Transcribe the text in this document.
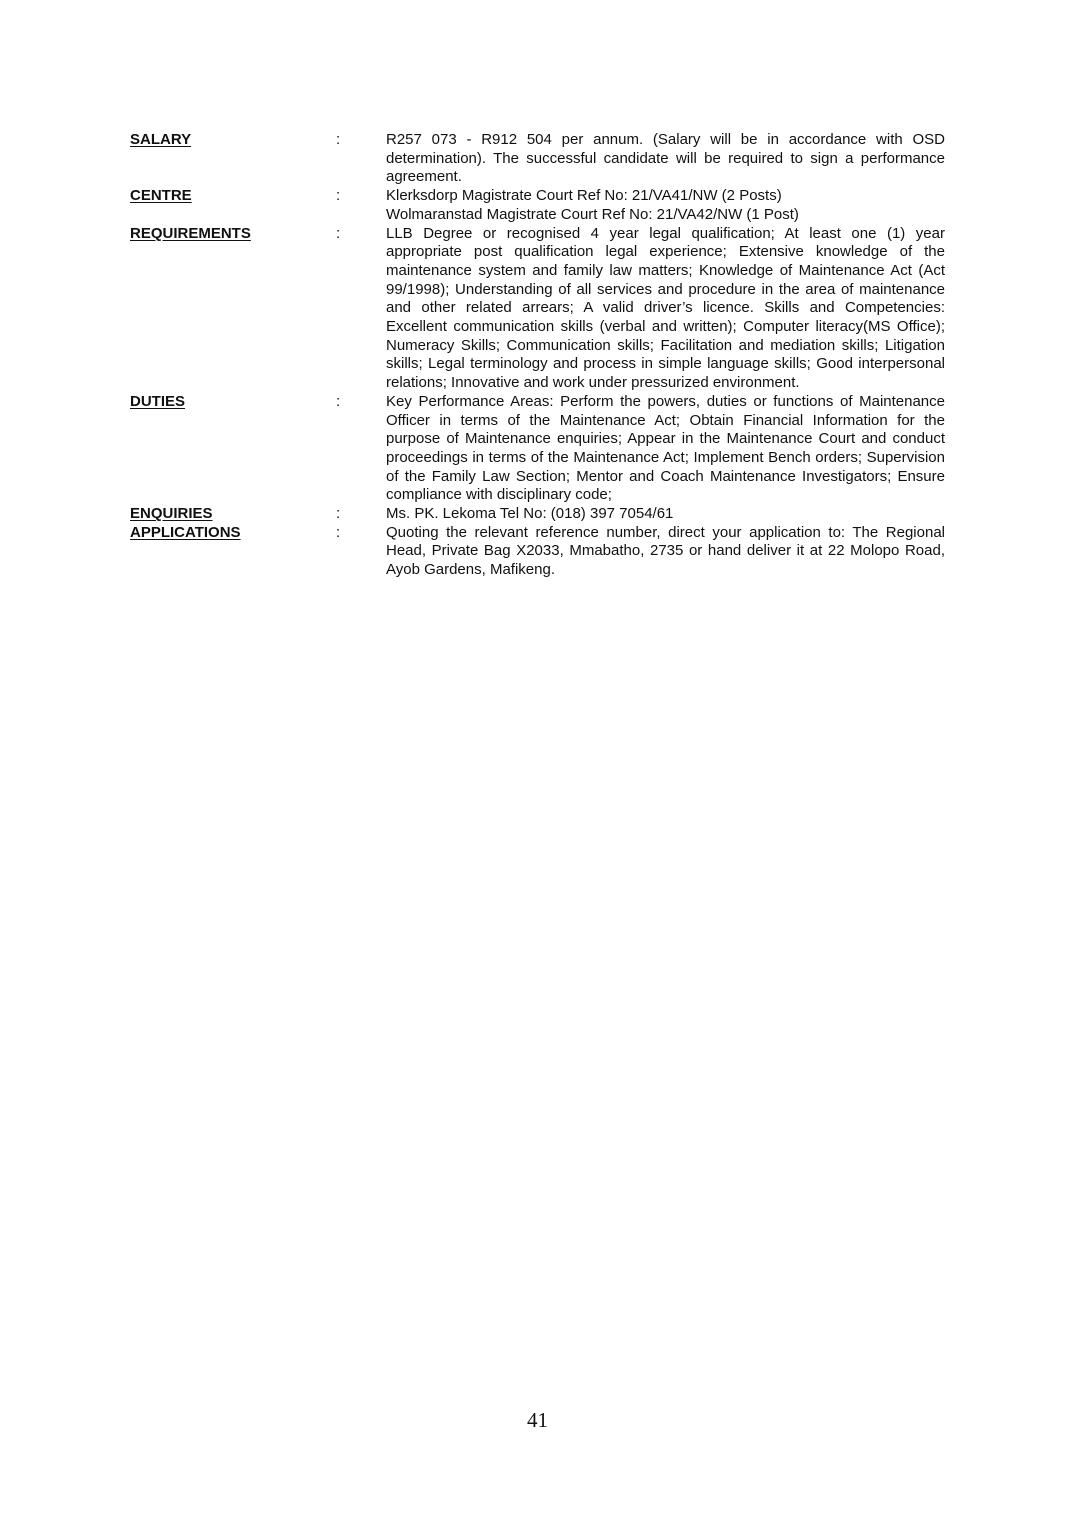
SALARY	:	R257 073 - R912 504 per annum. (Salary will be in accordance with OSD determination). The successful candidate will be required to sign a performance agreement.
CENTRE	:	Klerksdorp Magistrate Court Ref No: 21/VA41/NW (2 Posts)
Wolmaranstad Magistrate Court Ref No: 21/VA42/NW (1 Post)
REQUIREMENTS	:	LLB Degree or recognised 4 year legal qualification; At least one (1) year appropriate post qualification legal experience; Extensive knowledge of the maintenance system and family law matters; Knowledge of Maintenance Act (Act 99/1998); Understanding of all services and procedure in the area of maintenance and other related arrears; A valid driver’s licence. Skills and Competencies: Excellent communication skills (verbal and written); Computer literacy(MS Office); Numeracy Skills; Communication skills; Facilitation and mediation skills; Litigation skills; Legal terminology and process in simple language skills; Good interpersonal relations; Innovative and work under pressurized environment.
DUTIES	:	Key Performance Areas: Perform the powers, duties or functions of Maintenance Officer in terms of the Maintenance Act; Obtain Financial Information for the purpose of Maintenance enquiries; Appear in the Maintenance Court and conduct proceedings in terms of the Maintenance Act; Implement Bench orders; Supervision of the Family Law Section; Mentor and Coach Maintenance Investigators; Ensure compliance with disciplinary code;
ENQUIRIES	:	Ms. PK. Lekoma Tel No: (018) 397 7054/61
APPLICATIONS	:	Quoting the relevant reference number, direct your application to: The Regional Head, Private Bag X2033, Mmabatho, 2735 or hand deliver it at 22 Molopo Road, Ayob Gardens, Mafikeng.
41
